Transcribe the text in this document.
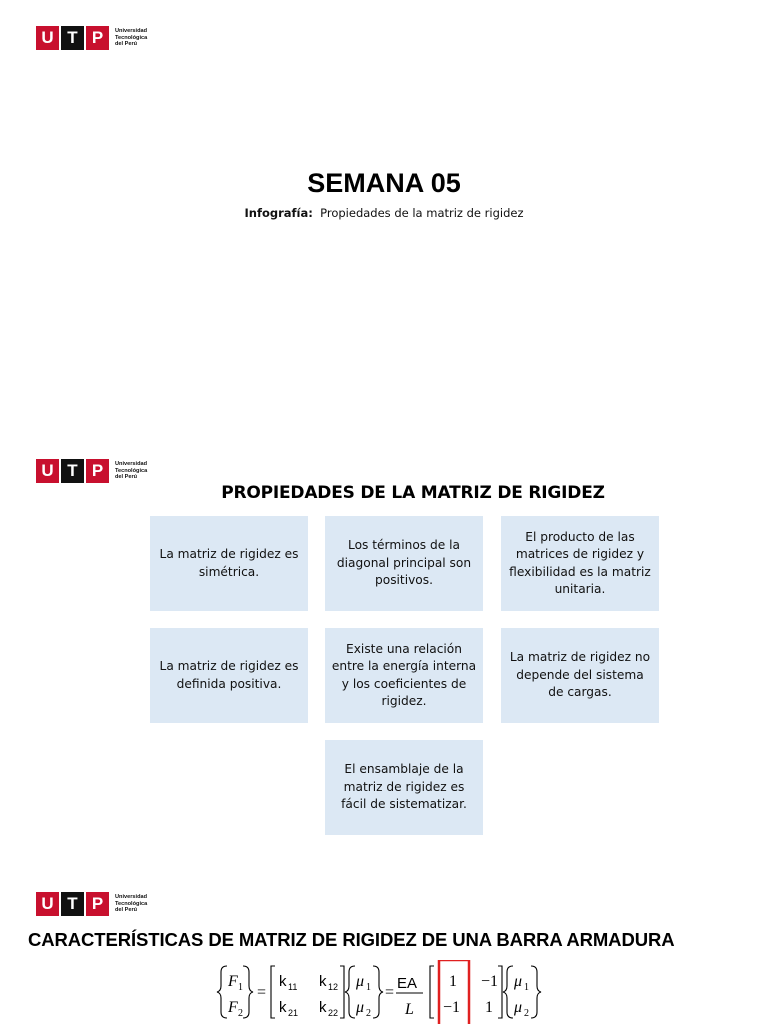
U T P	Universidad
Tecnológica
del Perú
SEMANA 05
Infografía: Propiedades de la matriz de rigidez
U T P	Universidad
Tecnológica
del Perú
PROPIEDADES DE LA MATRIZ DE RIGIDEZ
La matriz de rigidez es simétrica.
Los términos de la diagonal principal son positivos.
El producto de las matrices de rigidez y flexibilidad es la matriz unitaria.
La matriz de rigidez es definida positiva.
Existe una relación entre la energía interna y los coeficientes de rigidez.
La matriz de rigidez no depende del sistema de cargas.
El ensamblaje de la matriz de rigidez es fácil de sistematizar.
U T P	Universidad
Tecnológica
del Perú
CARACTERÍSTICAS DE MATRIZ DE RIGIDEZ DE UNA BARRA ARMADURA
F 1
F 2
=
k 11 k 12
k 21 k 22
μ 1
μ 2
=
EA
L
1 −1
−1 1
μ 1
μ 2
